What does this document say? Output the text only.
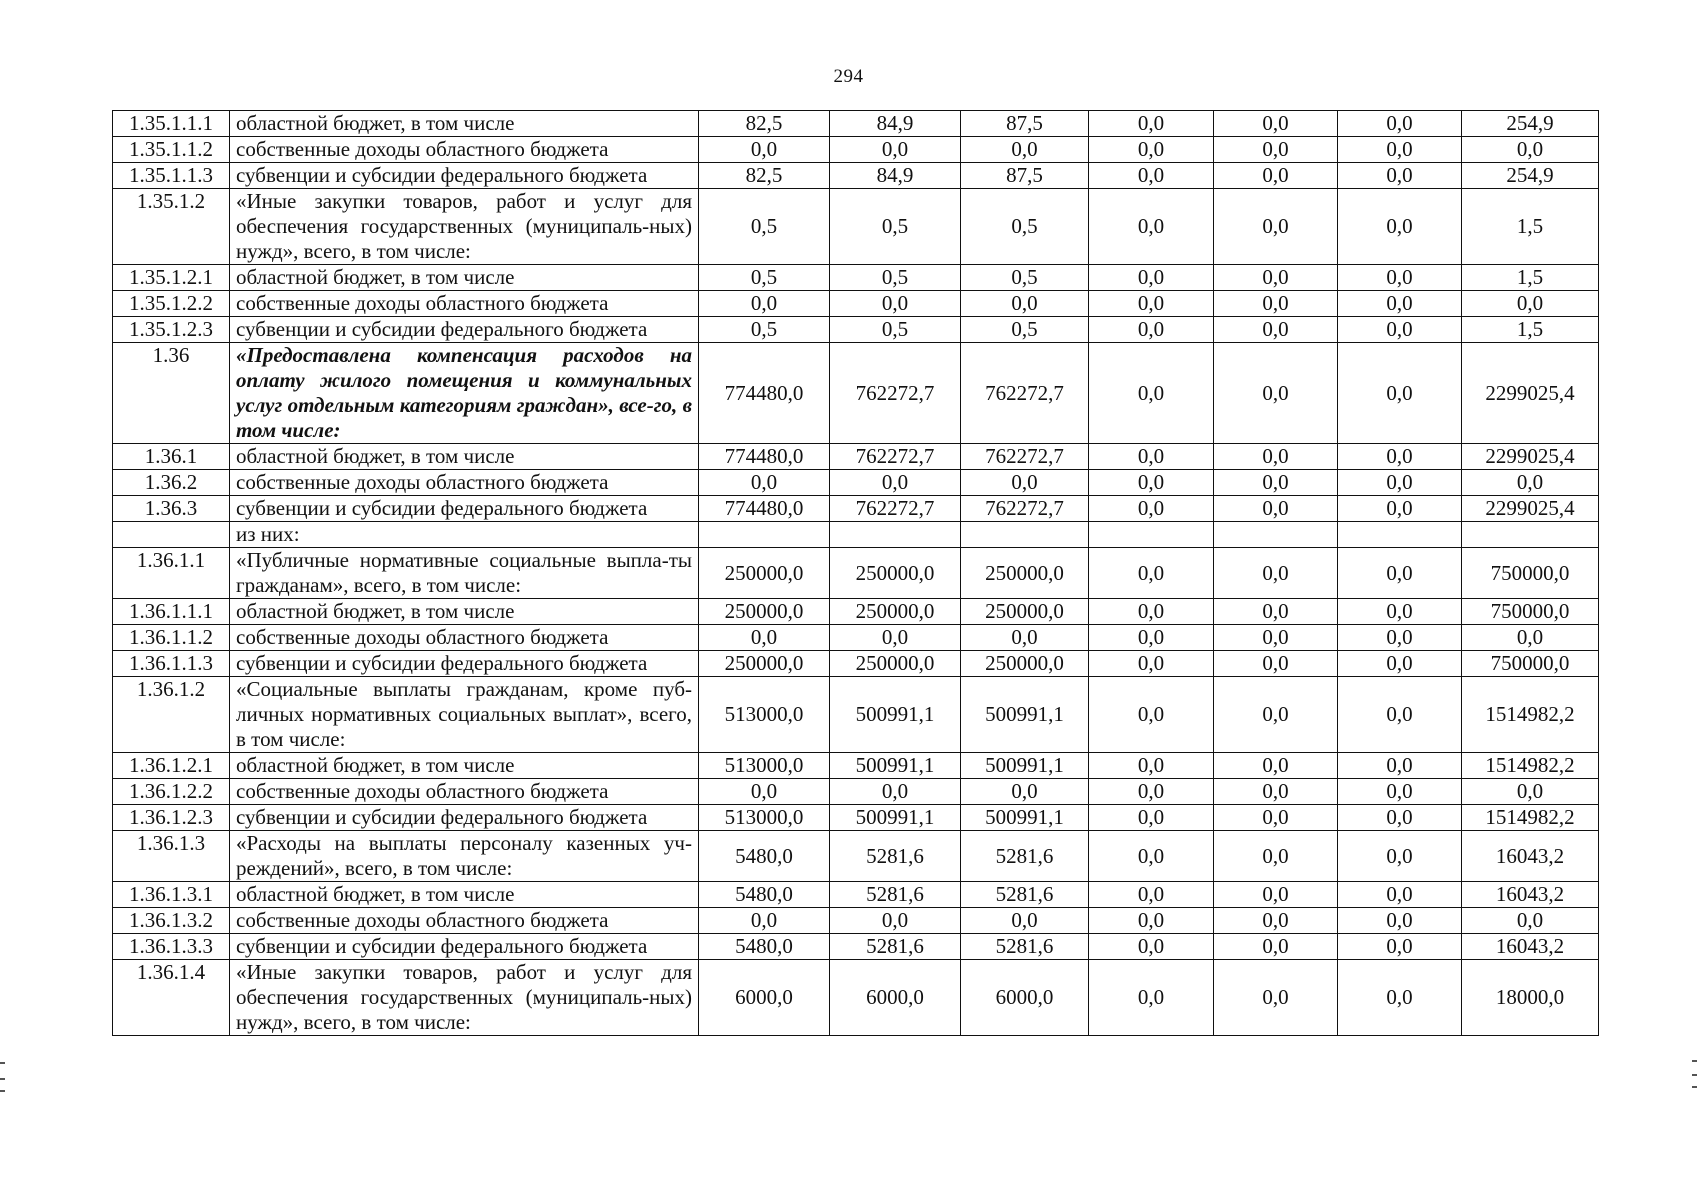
294
1.35.1.1.1	областной бюджет, в том числе	82,5	84,9	87,5	0,0	0,0	0,0	254,9
1.35.1.1.2	собственные доходы областного бюджета	0,0	0,0	0,0	0,0	0,0	0,0	0,0
1.35.1.1.3	субвенции и субсидии федерального бюджета	82,5	84,9	87,5	0,0	0,0	0,0	254,9
1.35.1.2	«Иные закупки товаров, работ и услуг для обеспечения государственных (муниципаль-ных) нужд», всего, в том числе:	0,5	0,5	0,5	0,0	0,0	0,0	1,5
1.35.1.2.1	областной бюджет, в том числе	0,5	0,5	0,5	0,0	0,0	0,0	1,5
1.35.1.2.2	собственные доходы областного бюджета	0,0	0,0	0,0	0,0	0,0	0,0	0,0
1.35.1.2.3	субвенции и субсидии федерального бюджета	0,5	0,5	0,5	0,0	0,0	0,0	1,5
1.36	«Предоставлена компенсация расходов на оплату жилого помещения и коммунальных услуг отдельным категориям граждан», все-го, в том числе:	774480,0	762272,7	762272,7	0,0	0,0	0,0	2299025,4
1.36.1	областной бюджет, в том числе	774480,0	762272,7	762272,7	0,0	0,0	0,0	2299025,4
1.36.2	собственные доходы областного бюджета	0,0	0,0	0,0	0,0	0,0	0,0	0,0
1.36.3	субвенции и субсидии федерального бюджета	774480,0	762272,7	762272,7	0,0	0,0	0,0	2299025,4
	из них:							
1.36.1.1	«Публичные нормативные социальные выпла-ты гражданам», всего, в том числе:	250000,0	250000,0	250000,0	0,0	0,0	0,0	750000,0
1.36.1.1.1	областной бюджет, в том числе	250000,0	250000,0	250000,0	0,0	0,0	0,0	750000,0
1.36.1.1.2	собственные доходы областного бюджета	0,0	0,0	0,0	0,0	0,0	0,0	0,0
1.36.1.1.3	субвенции и субсидии федерального бюджета	250000,0	250000,0	250000,0	0,0	0,0	0,0	750000,0
1.36.1.2	«Социальные выплаты гражданам, кроме пуб-личных нормативных социальных выплат», всего, в том числе:	513000,0	500991,1	500991,1	0,0	0,0	0,0	1514982,2
1.36.1.2.1	областной бюджет, в том числе	513000,0	500991,1	500991,1	0,0	0,0	0,0	1514982,2
1.36.1.2.2	собственные доходы областного бюджета	0,0	0,0	0,0	0,0	0,0	0,0	0,0
1.36.1.2.3	субвенции и субсидии федерального бюджета	513000,0	500991,1	500991,1	0,0	0,0	0,0	1514982,2
1.36.1.3	«Расходы на выплаты персоналу казенных уч-реждений», всего, в том числе:	5480,0	5281,6	5281,6	0,0	0,0	0,0	16043,2
1.36.1.3.1	областной бюджет, в том числе	5480,0	5281,6	5281,6	0,0	0,0	0,0	16043,2
1.36.1.3.2	собственные доходы областного бюджета	0,0	0,0	0,0	0,0	0,0	0,0	0,0
1.36.1.3.3	субвенции и субсидии федерального бюджета	5480,0	5281,6	5281,6	0,0	0,0	0,0	16043,2
1.36.1.4	«Иные закупки товаров, работ и услуг для обеспечения государственных (муниципаль-ных) нужд», всего, в том числе:	6000,0	6000,0	6000,0	0,0	0,0	0,0	18000,0
